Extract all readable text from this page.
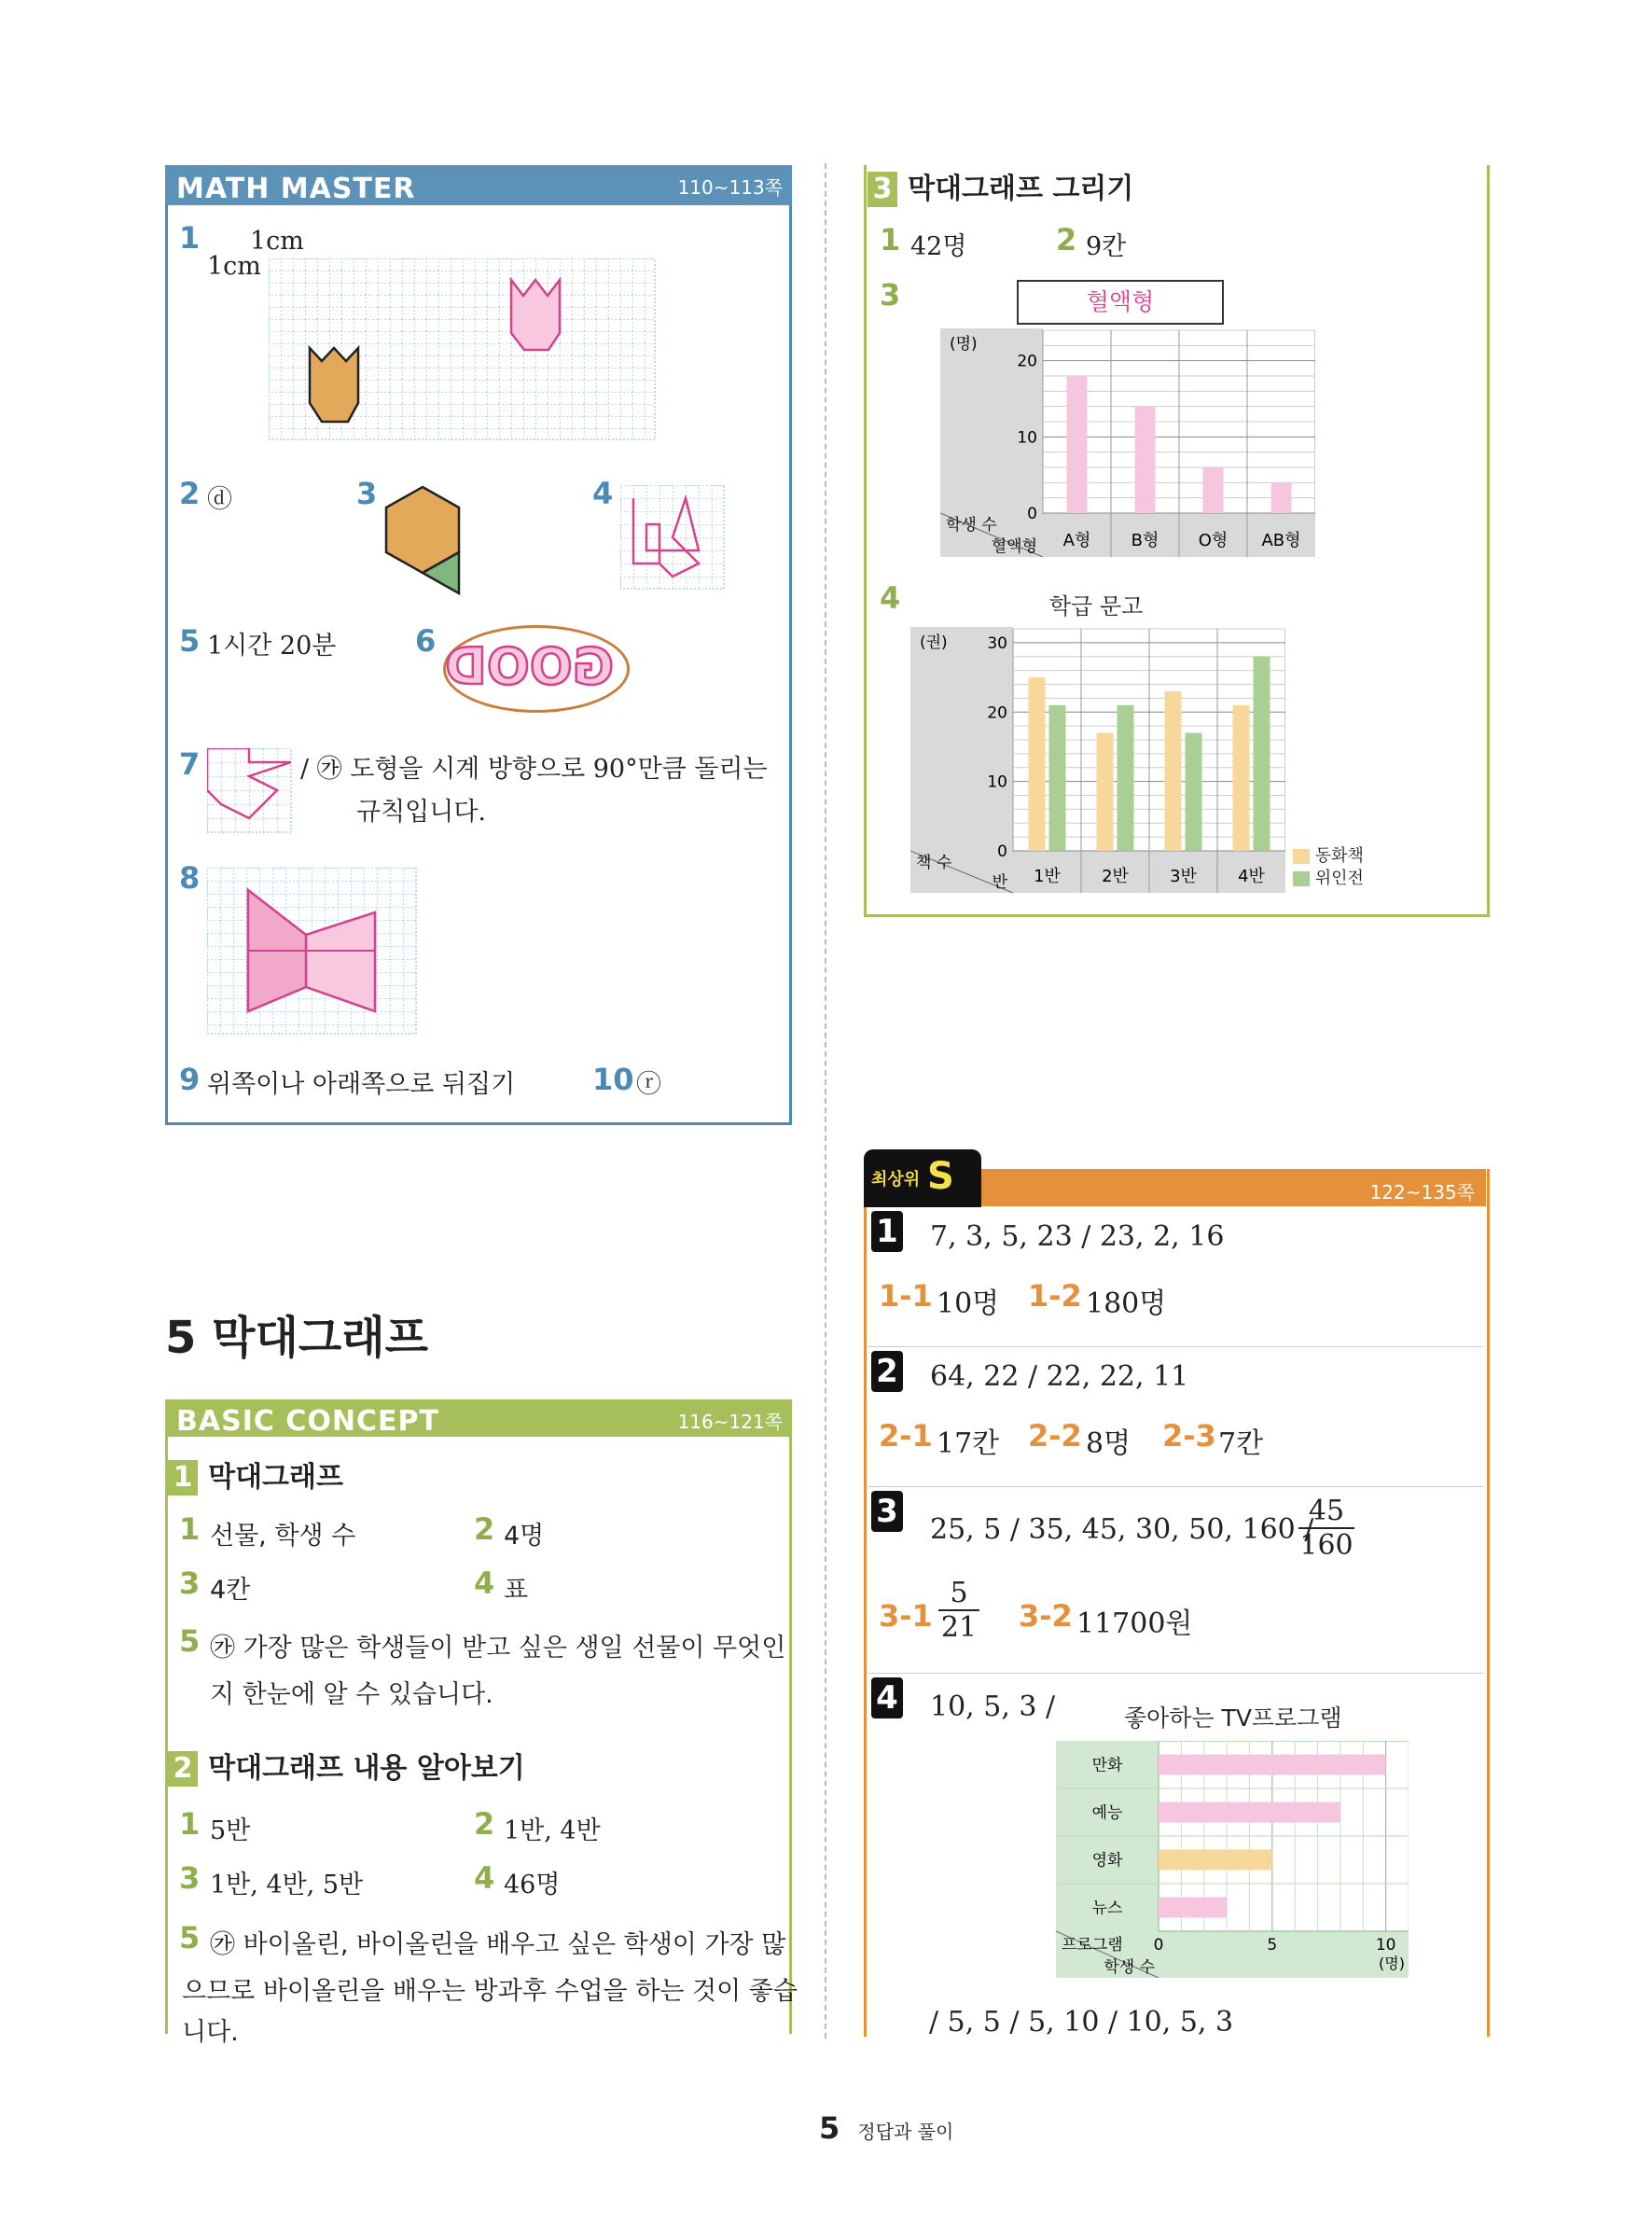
MATH MASTER	110~113쪽
1 1cm
1cm
2 ⓓ	3	4
5 1시간 20분	6 GOOD
7	/ ㉮ 도형을 시계 방향으로 90°만큼 돌리는
규칙입니다.
8
9 위쪽이나 아래쪽으로 뒤집기	10 ⓡ
5 막대그래프
BASIC CONCEPT	116~121쪽
1 막대그래프
1 선물, 학생 수	2 4명
3 4칸	4 표
5 ㉮ 가장 많은 학생들이 받고 싶은 생일 선물이 무엇인
지 한눈에 알 수 있습니다.
2 막대그래프 내용 알아보기
1 5반	2 1반, 4반
3 1반, 4반, 5반	4 46명
5 ㉮ 바이올린, 바이올린을 배우고 싶은 학생이 가장 많
으므로 바이올린을 배우는 방과후 수업을 하는 것이 좋습
니다.
3 막대그래프 그리기
1 42명	2 9칸
3	혈액형
0
10
20
(명)
A형 B형 O형 AB형
학생 수
혈액형
4	학급 문고
0
10
20
30
(권)
1반 2반 3반 4반
책 수
반
동화책
위인전
122~135쪽
최상위 S
1 7, 3, 5, 23 / 23, 2, 16
1-1 10명 1-2 180명
2 64, 22 / 22, 22, 11
2-1 17칸 2-2 8명 2-3 7칸
3 25, 5 / 35, 45, 30, 50, 160 /
$\frac{45}{160}$
$3-1 \frac{5}{21} 3-2$ 11700원
4 10, 5, 3 /	좋아하는 TV프로그램
만화
예능
영화
뉴스
0	5	10
(명)
프로그램
학생 수
/ 5, 5 / 5, 10 / 10, 5, 3
5 정답과 풀이
